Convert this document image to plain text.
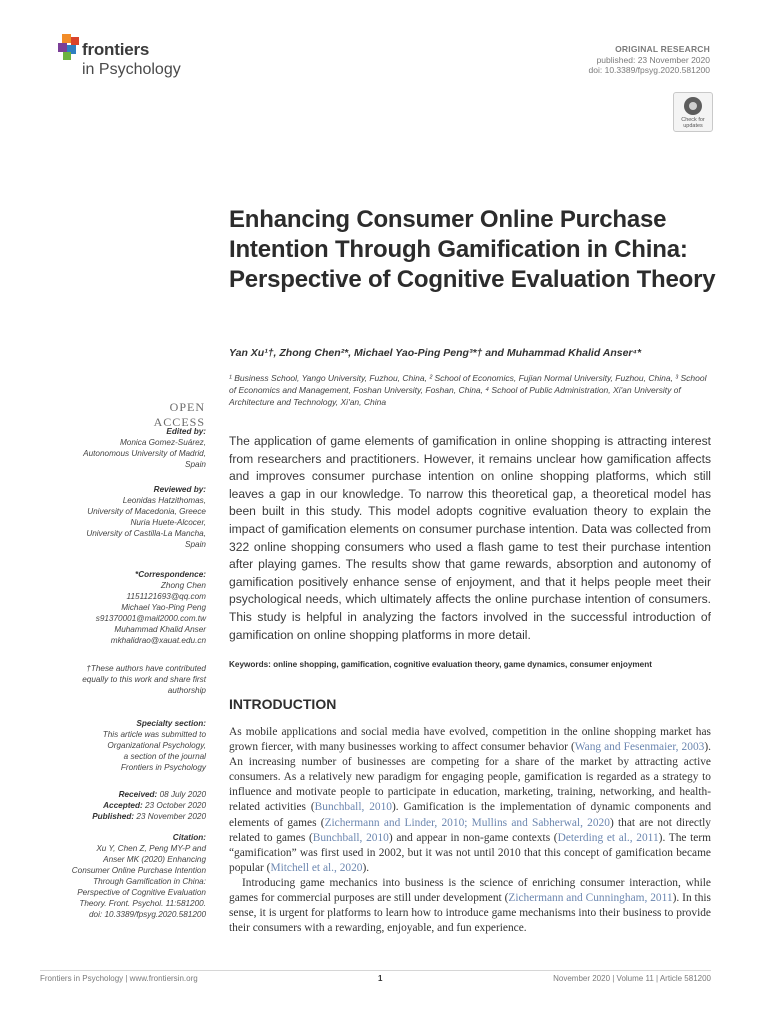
frontiers
in Psychology
ORIGINAL RESEARCH
published: 23 November 2020
doi: 10.3389/fpsyg.2020.581200
Check for updates
Enhancing Consumer Online Purchase Intention Through Gamification in China: Perspective of Cognitive Evaluation Theory
Yan Xu¹†, Zhong Chen²*, Michael Yao-Ping Peng³*† and Muhammad Khalid Anser⁴*
¹ Business School, Yango University, Fuzhou, China, ² School of Economics, Fujian Normal University, Fuzhou, China, ³ School of Economics and Management, Foshan University, Foshan, China, ⁴ School of Public Administration, Xi'an University of Architecture and Technology, Xi'an, China
OPEN ACCESS
Edited by:
Monica Gomez-Suárez,
Autonomous University of Madrid,
Spain
Reviewed by:
Leonidas Hatzithomas,
University of Macedonia, Greece
Nuria Huete-Alcocer,
University of Castilla-La Mancha,
Spain
*Correspondence:
Zhong Chen
1151121693@qq.com
Michael Yao-Ping Peng
s91370001@mail2000.com.tw
Muhammad Khalid Anser
mkhalidrao@xauat.edu.cn
†These authors have contributed
equally to this work and share first
authorship
Specialty section:
This article was submitted to
Organizational Psychology,
a section of the journal
Frontiers in Psychology
Received: 08 July 2020
Accepted: 23 October 2020
Published: 23 November 2020
Citation:
Xu Y, Chen Z, Peng MY-P and
Anser MK (2020) Enhancing
Consumer Online Purchase Intention
Through Gamification in China:
Perspective of Cognitive Evaluation
Theory. Front. Psychol. 11:581200.
doi: 10.3389/fpsyg.2020.581200
The application of game elements of gamification in online shopping is attracting interest from researchers and practitioners. However, it remains unclear how gamification affects and improves consumer purchase intention on online shopping platforms, which still leaves a gap in our knowledge. To narrow this theoretical gap, a theoretical model has been built in this study. This model adopts cognitive evaluation theory to explain the impact of gamification elements on consumer purchase intention. Data was collected from 322 online shopping consumers who used a flash game to test their purchase intention after playing games. The results show that game rewards, absorption and autonomy of gamification positively enhance sense of enjoyment, and that it helps people meet their psychological needs, which ultimately affects the online purchase intention of consumers. This study is helpful in analyzing the factors involved in the successful introduction of gamification on online shopping platforms in more detail.
Keywords: online shopping, gamification, cognitive evaluation theory, game dynamics, consumer enjoyment
INTRODUCTION

As mobile applications and social media have evolved, competition in the online shopping market has grown fiercer, with many businesses working to affect consumer behavior (Wang and Fesenmaier, 2003). An increasing number of businesses are competing for a share of the market by attracting active consumers. As a relatively new paradigm for engaging people, gamification is regarded as a strategy to influence and motivate people to participate in education, marketing, training, networking, and health-related activities (Bunchball, 2010). Gamification is the implementation of dynamic components and elements of games (Zichermann and Linder, 2010; Mullins and Sabherwal, 2020) that are not directly related to games (Bunchball, 2010) and appear in non-game contexts (Deterding et al., 2011). The term “gamification” was first used in 2002, but it was not until 2010 that this concept of gamification became popular (Mitchell et al., 2020).

Introducing game mechanics into business is the science of enriching consumer interaction, while games for commercial purposes are still under development (Zichermann and Cunningham, 2011). In this sense, it is urgent for platforms to learn how to introduce game mechanisms into their business to provide their consumers with a rewarding, enjoyable, and fun experience.

Frontiers in Psychology | www.frontiersin.org	1	November 2020 | Volume 11 | Article 581200
